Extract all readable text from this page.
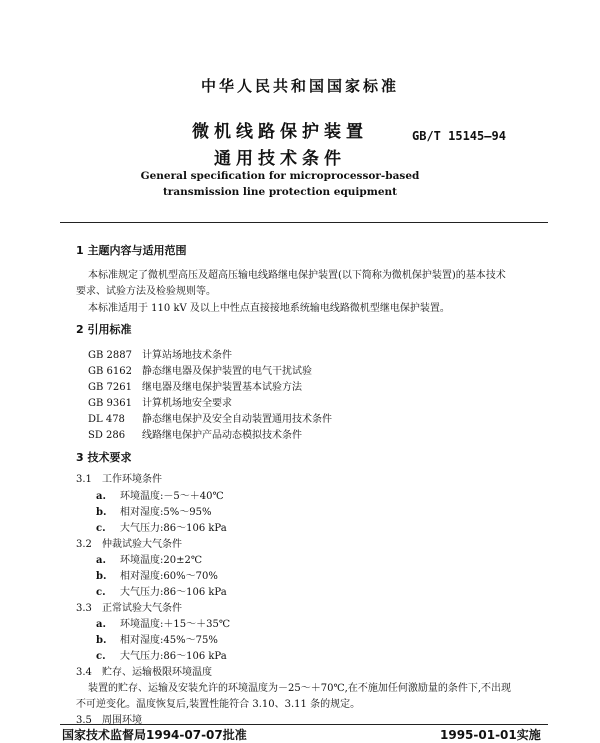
中华人民共和国国家标准
微机线路保护装置
通用技术条件
GB/T 15145—94
General specification for microprocessor-based
transmission line protection equipment
1 主题内容与适用范围
本标准规定了微机型高压及超高压输电线路继电保护装置(以下简称为微机保护装置)的基本技术
要求、试验方法及检验规则等。
本标准适用于 110 kV 及以上中性点直接接地系统输电线路微机型继电保护装置。
2 引用标准
GB 2887 计算站场地技术条件
GB 6162 静态继电器及保护装置的电气干扰试验
GB 7261 继电器及继电保护装置基本试验方法
GB 9361 计算机场地安全要求
DL 478 静态继电保护及安全自动装置通用技术条件
SD 286 线路继电保护产品动态模拟技术条件
3 技术要求
3.1 工作环境条件
a. 环境温度:－5～＋40℃
b. 相对湿度:5%～95%
c. 大气压力:86～106 kPa
3.2 仲裁试验大气条件
a. 环境温度:20±2℃
b. 相对湿度:60%～70%
c. 大气压力:86～106 kPa
3.3 正常试验大气条件
a. 环境温度:＋15～＋35℃
b. 相对湿度:45%～75%
c. 大气压力:86～106 kPa
3.4 贮存、运输极限环境温度
装置的贮存、运输及安装允许的环境温度为－25～＋70℃,在不施加任何激励量的条件下,不出现
不可逆变化。温度恢复后,装置性能符合 3.10、3.11 条的规定。
3.5 周围环境
国家技术监督局1994-07-07批准	1995-01-01实施
